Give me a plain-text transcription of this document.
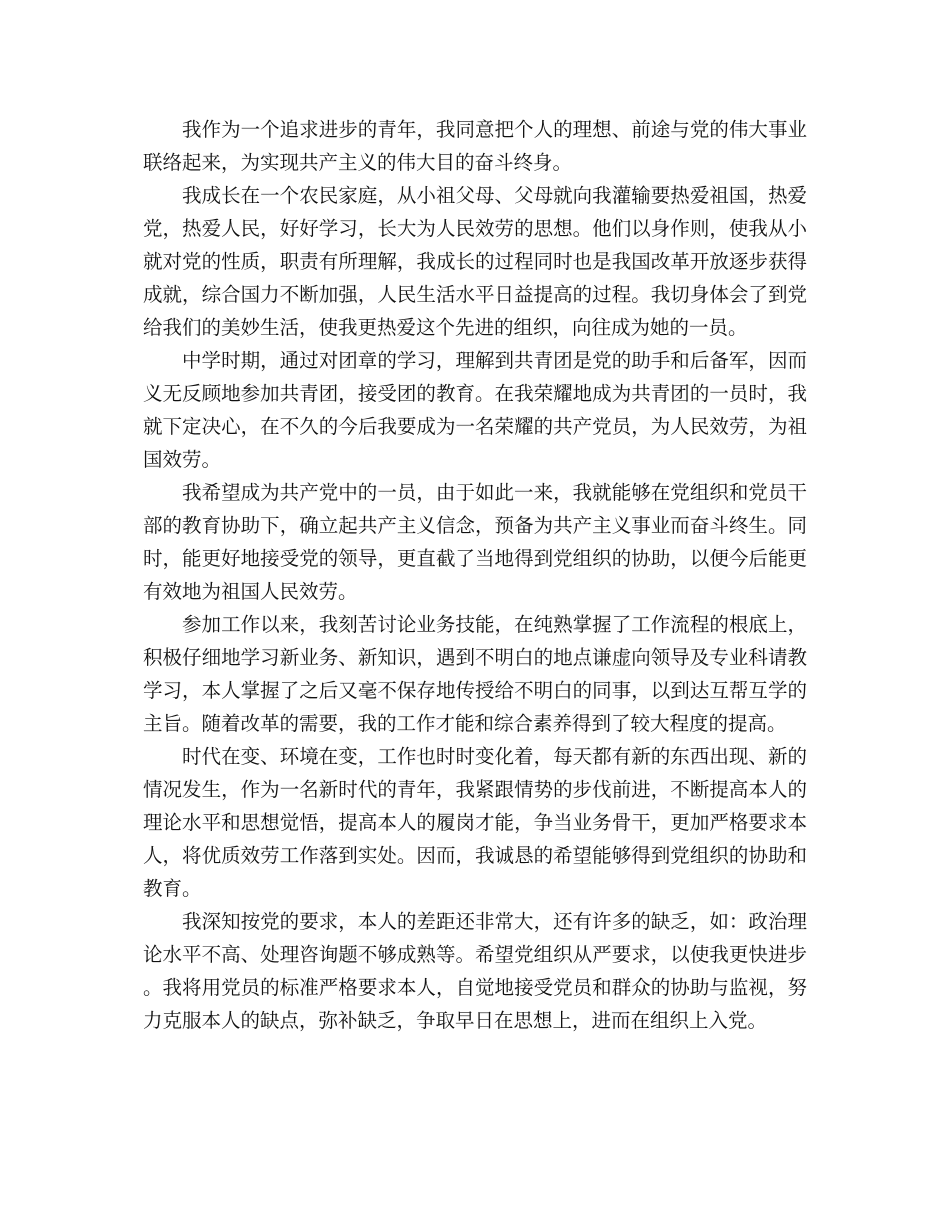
我作为一个追求进步的青年，我同意把个人的理想、前途与党的伟大事业联络起来，为实现共产主义的伟大目的奋斗终身。

我成长在一个农民家庭，从小祖父母、父母就向我灌输要热爱祖国，热爱党，热爱人民，好好学习，长大为人民效劳的思想。他们以身作则，使我从小就对党的性质，职责有所理解，我成长的过程同时也是我国改革开放逐步获得成就，综合国力不断加强，人民生活水平日益提高的过程。我切身体会了到党给我们的美妙生活，使我更热爱这个先进的组织，向往成为她的一员。

中学时期，通过对团章的学习，理解到共青团是党的助手和后备军，因而义无反顾地参加共青团，接受团的教育。在我荣耀地成为共青团的一员时，我就下定决心，在不久的今后我要成为一名荣耀的共产党员，为人民效劳，为祖国效劳。

我希望成为共产党中的一员，由于如此一来，我就能够在党组织和党员干部的教育协助下，确立起共产主义信念，预备为共产主义事业而奋斗终生。同时，能更好地接受党的领导，更直截了当地得到党组织的协助，以便今后能更有效地为祖国人民效劳。

参加工作以来，我刻苦讨论业务技能，在纯熟掌握了工作流程的根底上，积极仔细地学习新业务、新知识，遇到不明白的地点谦虚向领导及专业科请教学习，本人掌握了之后又毫不保存地传授给不明白的同事，以到达互帮互学的主旨。随着改革的需要，我的工作才能和综合素养得到了较大程度的提高。

时代在变、环境在变，工作也时时变化着，每天都有新的东西出现、新的情况发生，作为一名新时代的青年，我紧跟情势的步伐前进，不断提高本人的理论水平和思想觉悟，提高本人的履岗才能，争当业务骨干，更加严格要求本人，将优质效劳工作落到实处。因而，我诚恳的希望能够得到党组织的协助和教育。

我深知按党的要求，本人的差距还非常大，还有许多的缺乏，如：政治理论水平不高、处理咨询题不够成熟等。希望党组织从严要求，以使我更快进步。我将用党员的标准严格要求本人，自觉地接受党员和群众的协助与监视，努力克服本人的缺点，弥补缺乏，争取早日在思想上，进而在组织上入党。
